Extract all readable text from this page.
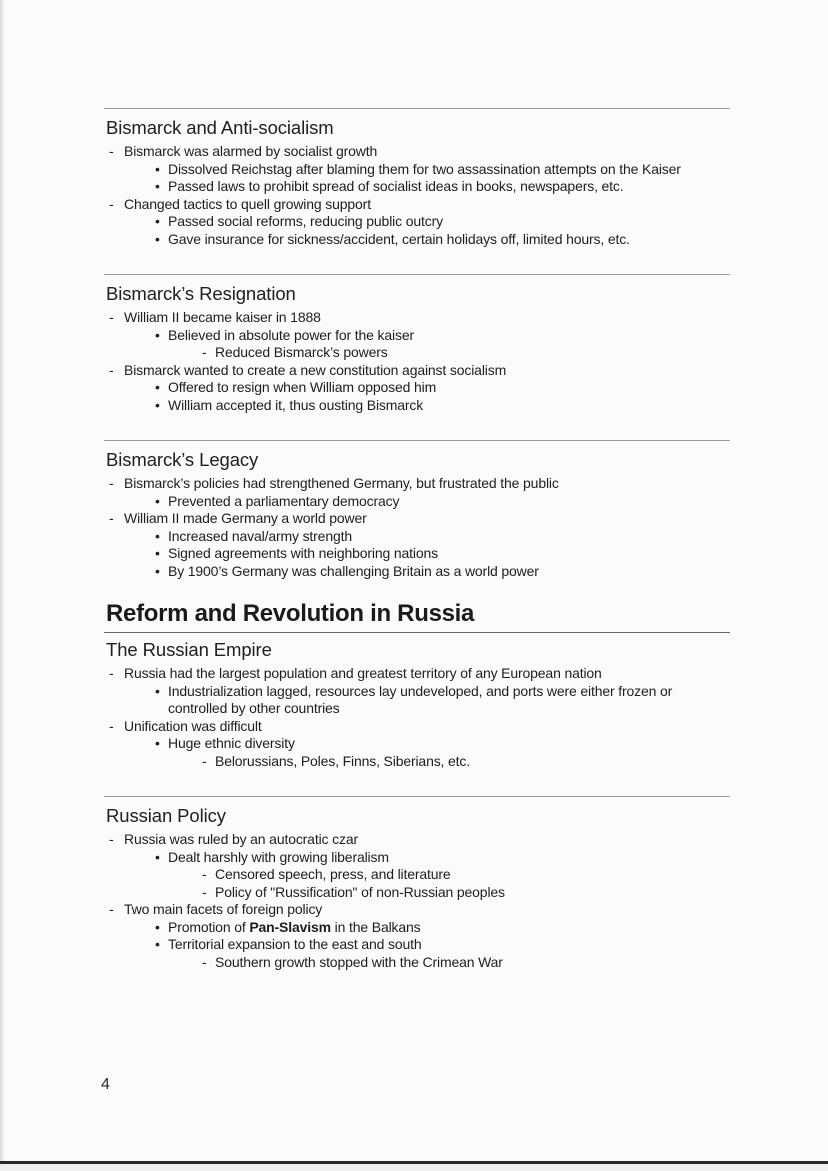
Bismarck and Anti-socialism
- Bismarck was alarmed by socialist growth
• Dissolved Reichstag after blaming them for two assassination attempts on the Kaiser
• Passed laws to prohibit spread of socialist ideas in books, newspapers, etc.
- Changed tactics to quell growing support
• Passed social reforms, reducing public outcry
• Gave insurance for sickness/accident, certain holidays off, limited hours, etc.
Bismarck’s Resignation
- William II became kaiser in 1888
• Believed in absolute power for the kaiser
- Reduced Bismarck’s powers
- Bismarck wanted to create a new constitution against socialism
• Offered to resign when William opposed him
• William accepted it, thus ousting Bismarck
Bismarck’s Legacy
- Bismarck’s policies had strengthened Germany, but frustrated the public
• Prevented a parliamentary democracy
- William II made Germany a world power
• Increased naval/army strength
• Signed agreements with neighboring nations
• By 1900’s Germany was challenging Britain as a world power
Reform and Revolution in Russia
The Russian Empire
- Russia had the largest population and greatest territory of any European nation
• Industrialization lagged, resources lay undeveloped, and ports were either frozen or controlled by other countries
- Unification was difficult
• Huge ethnic diversity
- Belorussians, Poles, Finns, Siberians, etc.
Russian Policy
- Russia was ruled by an autocratic czar
• Dealt harshly with growing liberalism
- Censored speech, press, and literature
- Policy of "Russification" of non-Russian peoples
- Two main facets of foreign policy
• Promotion of Pan-Slavism in the Balkans
• Territorial expansion to the east and south
- Southern growth stopped with the Crimean War
4
